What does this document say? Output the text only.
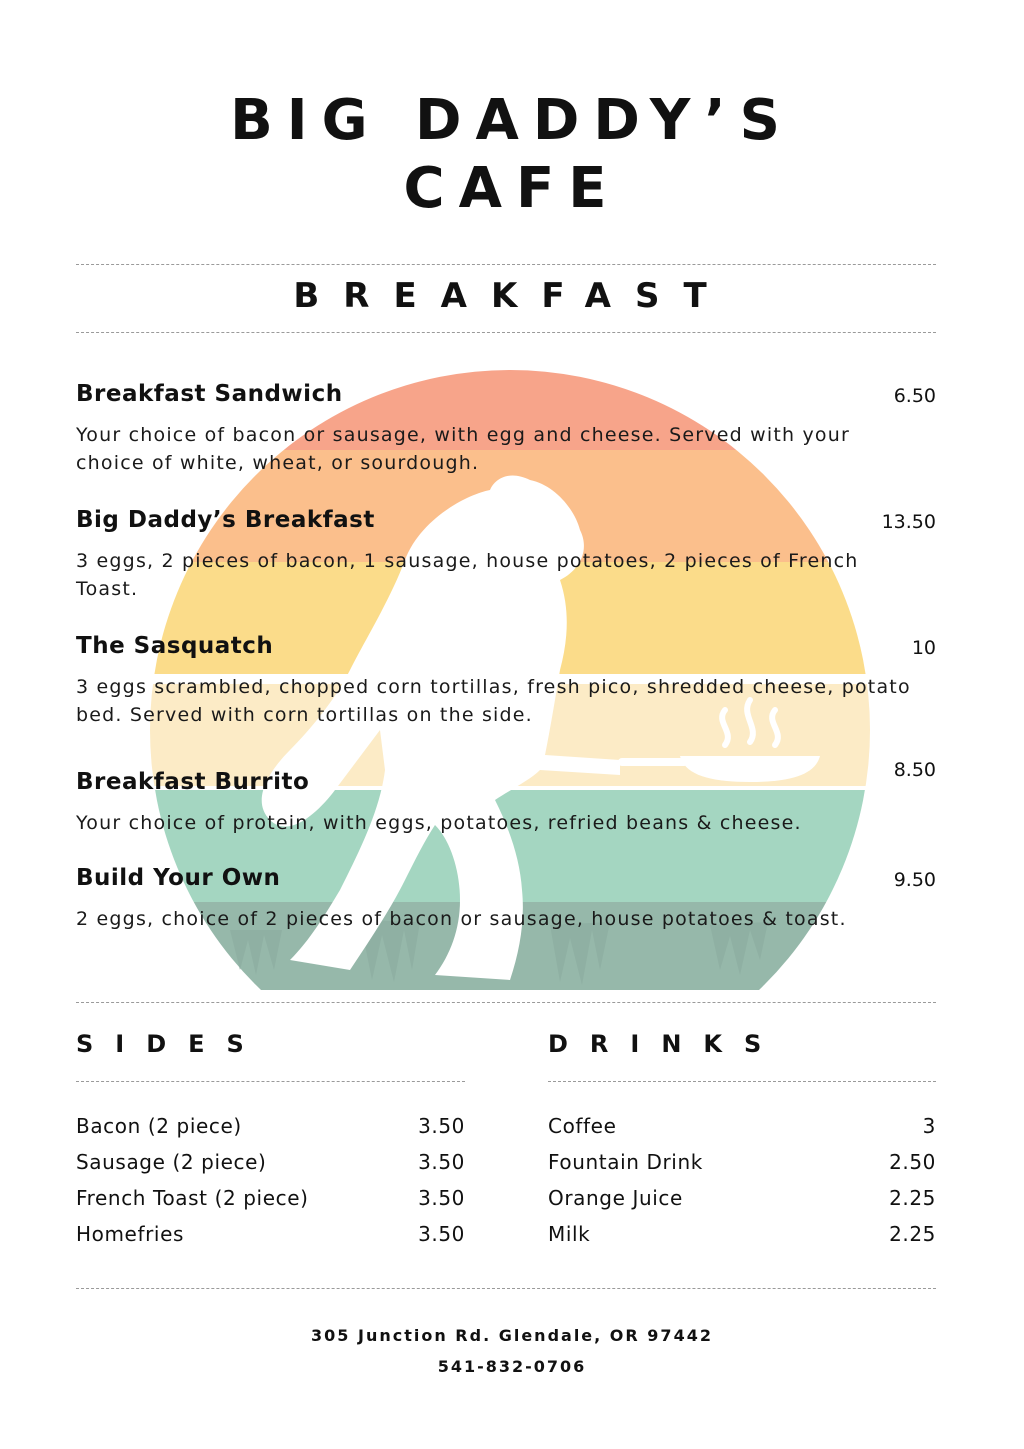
BIG DADDY’S
CAFE
BREAKFAST
Breakfast Sandwich	6.50
Your choice of bacon or sausage, with egg and cheese. Served with your choice of white, wheat, or sourdough.
Big Daddy’s Breakfast	13.50
3 eggs, 2 pieces of bacon, 1 sausage, house potatoes, 2 pieces of French Toast.
The Sasquatch	10
3 eggs scrambled, chopped corn tortillas, fresh pico, shredded cheese, potato bed. Served with corn tortillas on the side.
Breakfast Burrito	8.50
Your choice of protein, with eggs, potatoes, refried beans & cheese.
Build Your Own	9.50
2 eggs, choice of 2 pieces of bacon or sausage, house potatoes & toast.
SIDES
Bacon (2 piece)	3.50
Sausage (2 piece)	3.50
French Toast (2 piece)	3.50
Homefries	3.50
DRINKS
Coffee	3
Fountain Drink	2.50
Orange Juice	2.25
Milk	2.25
305 Junction Rd. Glendale, OR 97442
541-832-0706
